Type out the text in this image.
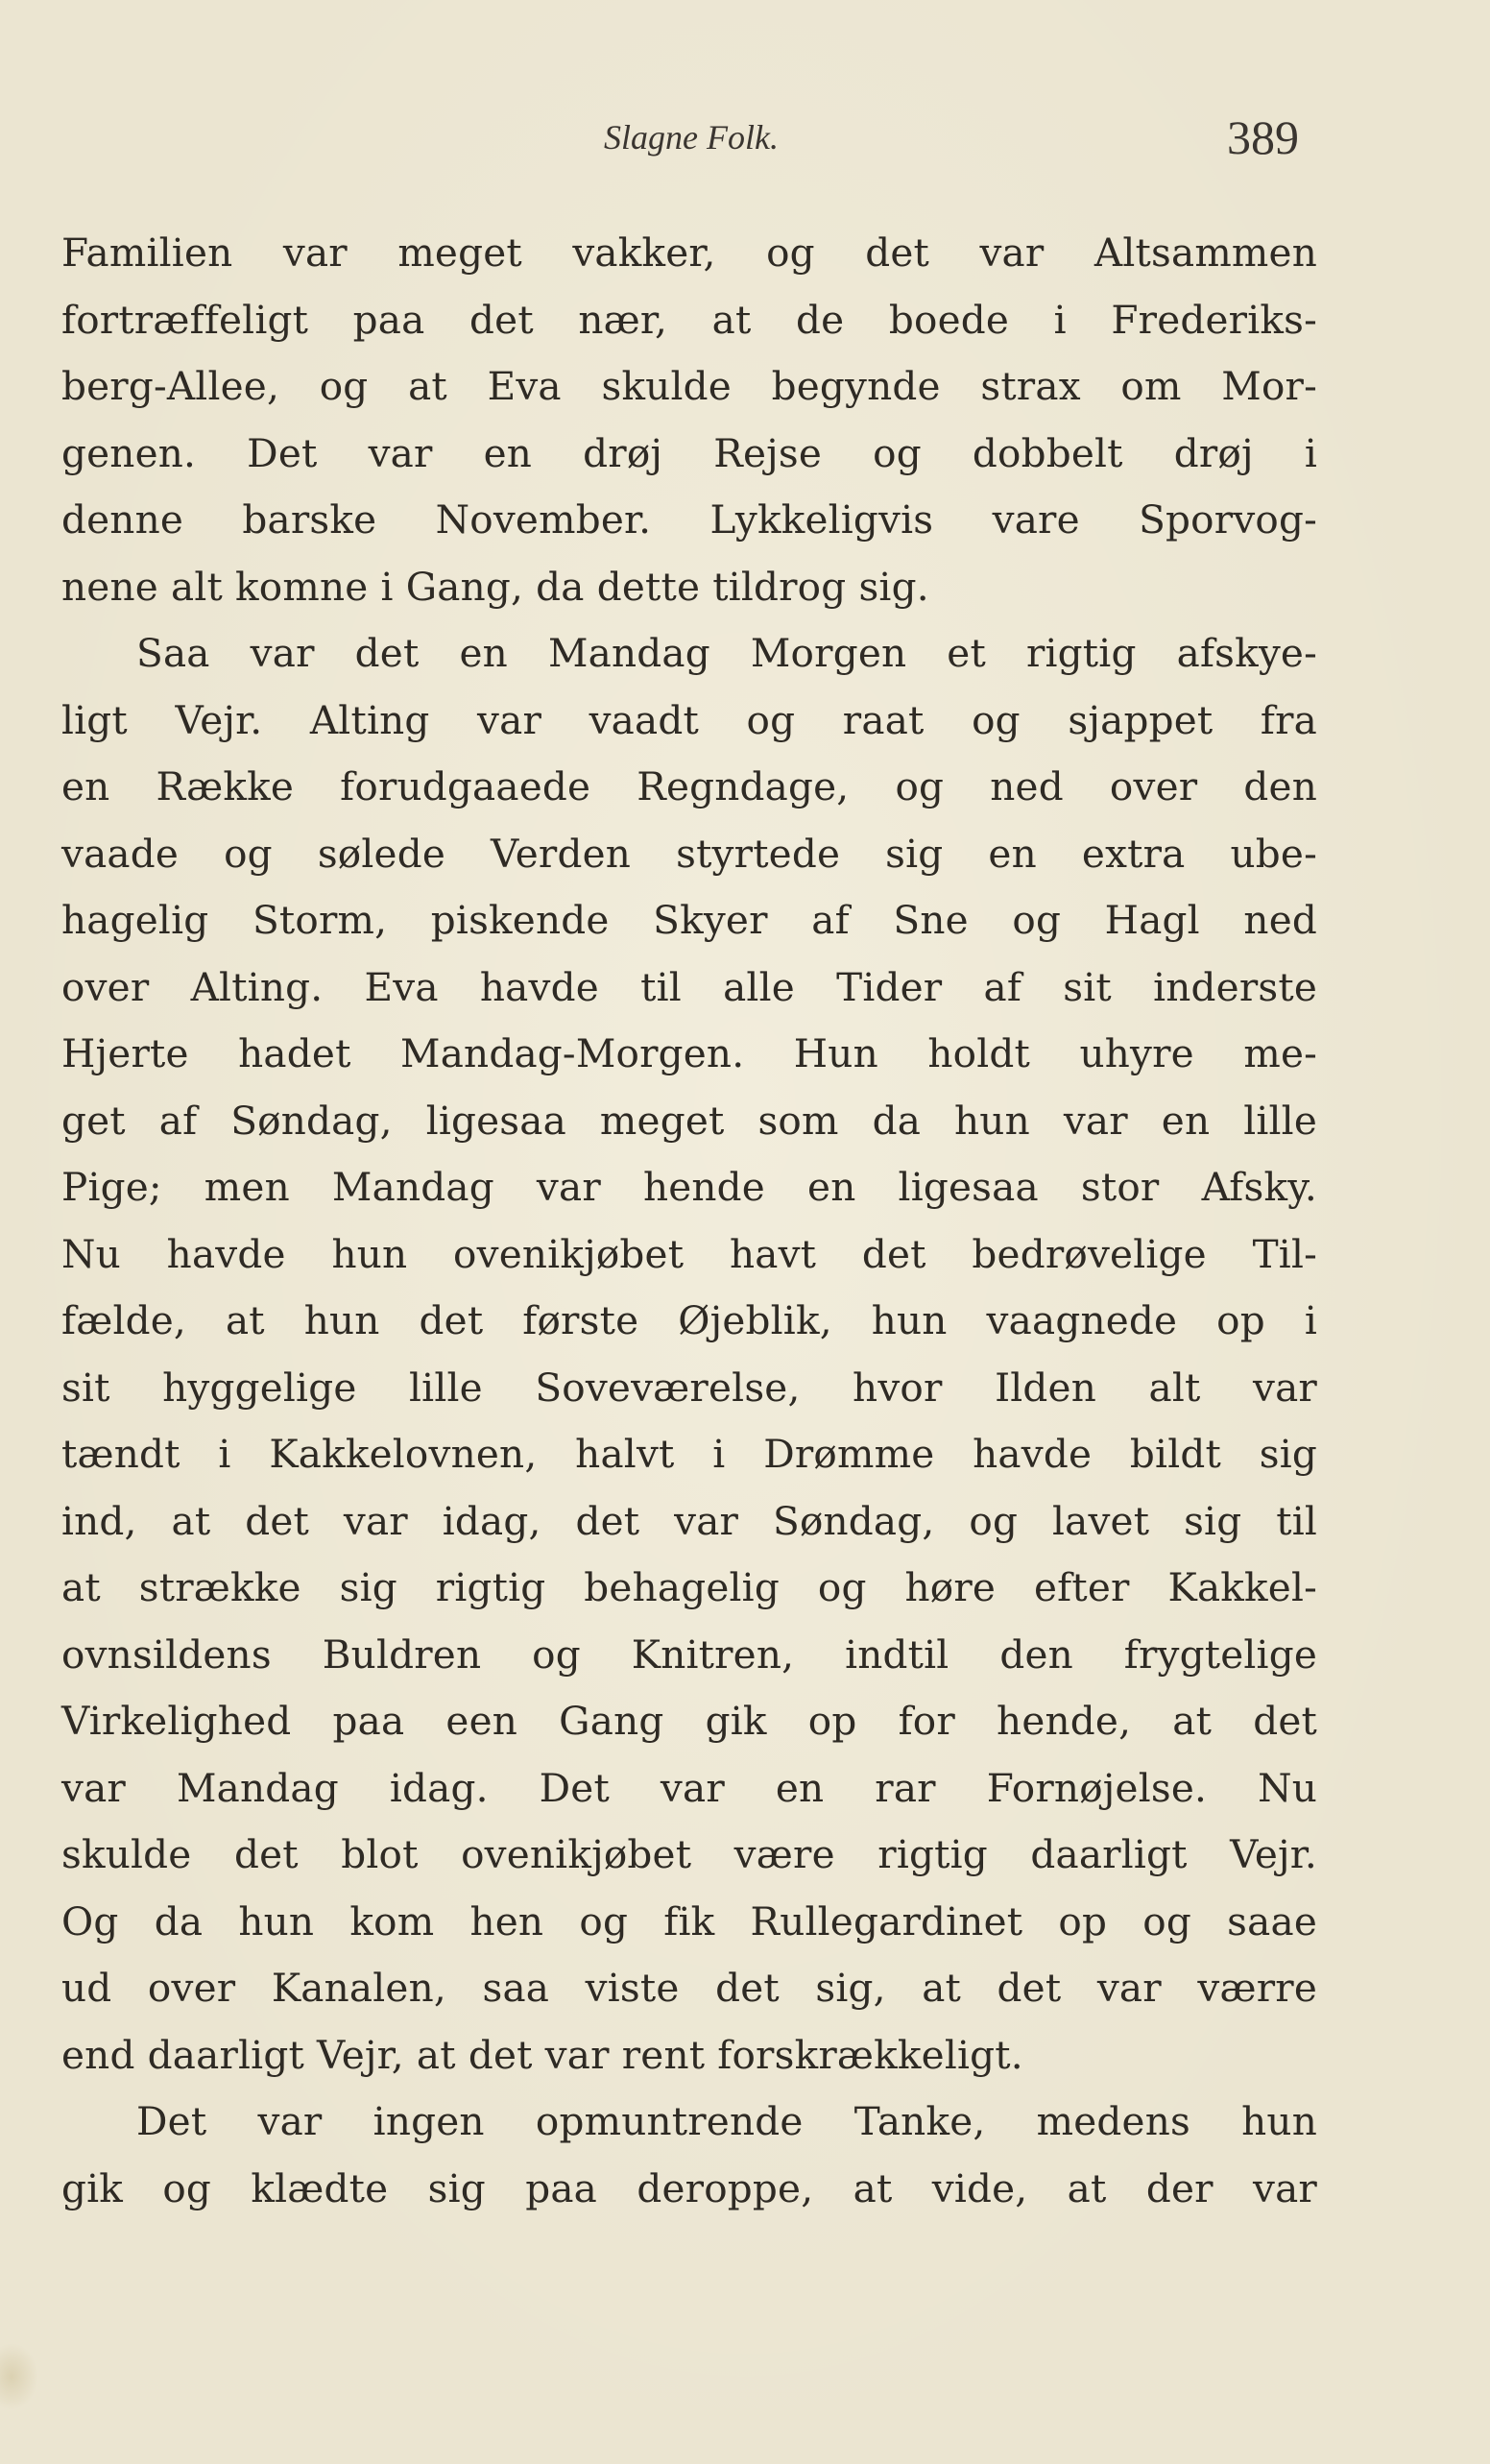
Slagne Folk.	389
Familien var meget vakker, og det var Altsammen
fortræffeligt paa det nær, at de boede i Frederiks-
berg-Allee, og at Eva skulde begynde strax om Mor-
genen. Det var en drøj Rejse og dobbelt drøj i
denne barske November. Lykkeligvis vare Sporvog-
nene alt komne i Gang, da dette tildrog sig.
Saa var det en Mandag Morgen et rigtig afskye-
ligt Vejr. Alting var vaadt og raat og sjappet fra
en Række forudgaaede Regndage, og ned over den
vaade og sølede Verden styrtede sig en extra ube-
hagelig Storm, piskende Skyer af Sne og Hagl ned
over Alting. Eva havde til alle Tider af sit inderste
Hjerte hadet Mandag-Morgen. Hun holdt uhyre me-
get af Søndag, ligesaa meget som da hun var en lille
Pige; men Mandag var hende en ligesaa stor Afsky.
Nu havde hun ovenikjøbet havt det bedrøvelige Til-
fælde, at hun det første Øjeblik, hun vaagnede op i
sit hyggelige lille Soveværelse, hvor Ilden alt var
tændt i Kakkelovnen, halvt i Drømme havde bildt sig
ind, at det var idag, det var Søndag, og lavet sig til
at strække sig rigtig behagelig og høre efter Kakkel-
ovnsildens Buldren og Knitren, indtil den frygtelige
Virkelighed paa een Gang gik op for hende, at det
var Mandag idag. Det var en rar Fornøjelse. Nu
skulde det blot ovenikjøbet være rigtig daarligt Vejr.
Og da hun kom hen og fik Rullegardinet op og saae
ud over Kanalen, saa viste det sig, at det var værre
end daarligt Vejr, at det var rent forskrækkeligt.
Det var ingen opmuntrende Tanke, medens hun
gik og klædte sig paa deroppe, at vide, at der var
